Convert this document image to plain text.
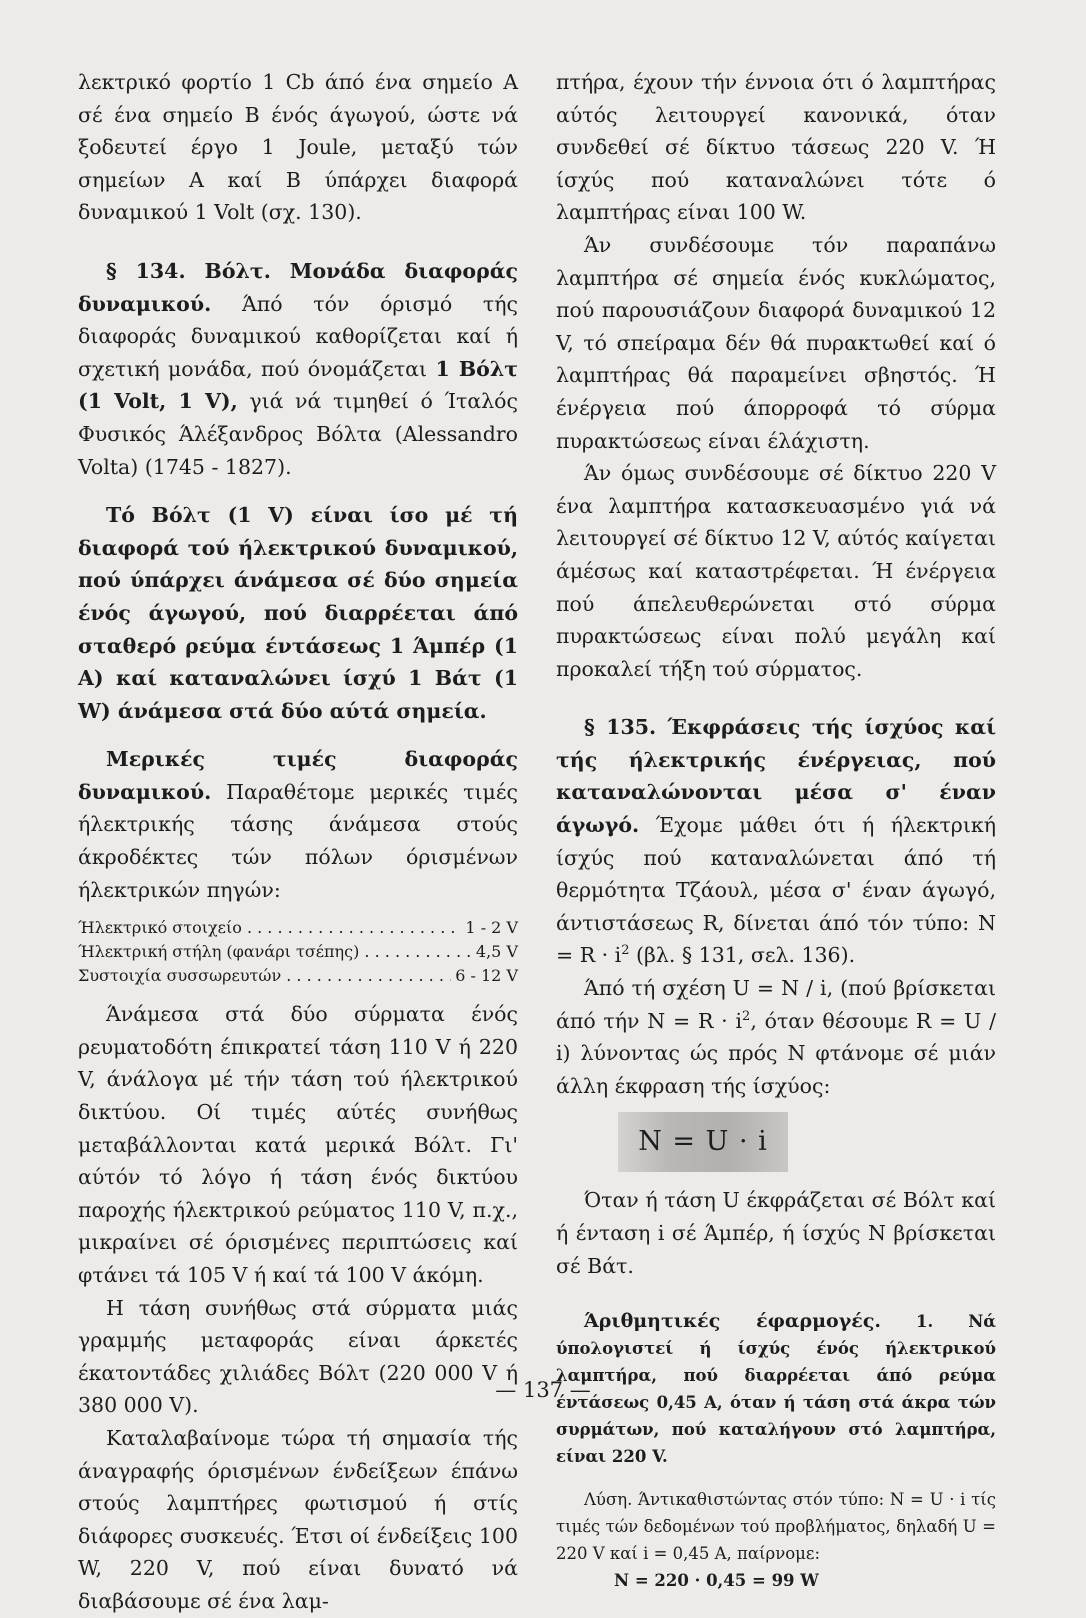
λεκτρικό φορτίο 1 Cb άπό ένα σημείο Α σέ ένα σημείο Β ένός άγωγού, ώστε νά ξοδευτεί έργο 1 Joule, μεταξύ τών σημείων Α καί Β ύπάρχει διαφορά δυναμικού 1 Volt (σχ. 130).

§ 134. Βόλτ. Μονάδα διαφοράς δυναμικού. Άπό τόν όρισμό τής διαφοράς δυναμικού καθορίζεται καί ή σχετική μονάδα, πού όνομάζεται 1 Βόλτ (1 Volt, 1 V), γιά νά τιμηθεί ό Ίταλός Φυσικός Άλέξανδρος Βόλτα (Alessandro Volta) (1745 - 1827).

Τό Βόλτ (1 V) είναι ίσο μέ τή διαφορά τού ήλεκτρικού δυναμικού, πού ύπάρχει άνάμεσα σέ δύο σημεία ένός άγωγού, πού διαρρέεται άπό σταθερό ρεύμα έντάσεως 1 Άμπέρ (1 A) καί καταναλώνει ίσχύ 1 Βάτ (1 W) άνάμεσα στά δύο αύτά σημεία.

Μερικές τιμές διαφοράς δυναμικού. Παραθέτομε μερικές τιμές ήλεκτρικής τάσης άνάμεσα στούς άκροδέκτες τών πόλων όρισμένων ήλεκτρικών πηγών:

Ήλεκτρικό στοιχείο . . .	1 - 2 V
Ήλεκτρική στήλη (φανάρι τσέπης) . . .	4,5 V
Συστοιχία συσσωρευτών . . .	6 - 12 V

Άνάμεσα στά δύο σύρματα ένός ρευματοδότη έπικρατεί τάση 110 V ή 220 V, άνάλογα μέ τήν τάση τού ήλεκτρικού δικτύου. Οί τιμές αύτές συνήθως μεταβάλλονται κατά μερικά Βόλτ. Γι' αύτόν τό λόγο ή τάση ένός δικτύου παροχής ήλεκτρικού ρεύματος 110 V, π.χ., μικραίνει σέ όρισμένες περιπτώσεις καί φτάνει τά 105 V ή καί τά 100 V άκόμη.

Η τάση συνήθως στά σύρματα μιάς γραμμής μεταφοράς είναι άρκετές έκατοντάδες χιλιάδες Βόλτ (220 000 V ή 380 000 V).

Καταλαβαίνομε τώρα τή σημασία τής άναγραφής όρισμένων ένδείξεων έπάνω στούς λαμπτήρες φωτισμού ή στίς διάφορες συσκευές. Έτσι οί ένδείξεις 100 W, 220 V, πού είναι δυνατό νά διαβάσουμε σέ ένα λαμ-

πτήρα, έχουν τήν έννοια ότι ό λαμπτήρας αύτός λειτουργεί κανονικά, όταν συνδεθεί σέ δίκτυο τάσεως 220 V. Ή ίσχύς πού καταναλώνει τότε ό λαμπτήρας είναι 100 W.

Άν συνδέσουμε τόν παραπάνω λαμπτήρα σέ σημεία ένός κυκλώματος, πού παρουσιάζουν διαφορά δυναμικού 12 V, τό σπείραμα δέν θά πυρακτωθεί καί ό λαμπτήρας θά παραμείνει σβηστός. Ή ένέργεια πού άπορροφά τό σύρμα πυρακτώσεως είναι έλάχιστη.

Άν όμως συνδέσουμε σέ δίκτυο 220 V ένα λαμπτήρα κατασκευασμένο γιά νά λειτουργεί σέ δίκτυο 12 V, αύτός καίγεται άμέσως καί καταστρέφεται. Ή ένέργεια πού άπελευθερώνεται στό σύρμα πυρακτώσεως είναι πολύ μεγάλη καί προκαλεί τήξη τού σύρματος.

§ 135. Έκφράσεις τής ίσχύος καί τής ήλεκτρικής ένέργειας, πού καταναλώνονται μέσα σ' έναν άγωγό. Έχομε μάθει ότι ή ήλεκτρική ίσχύς πού καταναλώνεται άπό τή θερμότητα Τζάουλ, μέσα σ' έναν άγωγό, άντιστάσεως R, δίνεται άπό τόν τύπο: $N = R \cdot i^2$ (βλ. § 131, σελ. 136).

Άπό τή σχέση U = N / i, (πού βρίσκεται άπό τήν $N = R \cdot i^2$, όταν θέσουμε R = U / i) λύνοντας ώς πρός N φτάνομε σέ μιάν άλλη έκφραση τής ίσχύος:

N = U · i

Όταν ή τάση U έκφράζεται σέ Βόλτ καί ή ένταση i σέ Άμπέρ, ή ίσχύς N βρίσκεται σέ Βάτ.

Άριθμητικές έφαρμογές. 1. Νά ύπολογιστεί ή ίσχύς ένός ήλεκτρικού λαμπτήρα, πού διαρρέεται άπό ρεύμα έντάσεως 0,45 A, όταν ή τάση στά άκρα τών συρμάτων, πού καταλήγουν στό λαμπτήρα, είναι 220 V.

Λύση. Άντικαθιστώντας στόν τύπο: N = U · i τίς τιμές τών δεδομένων τού προβλήματος, δηλαδή U = 220 V καί i = 0,45 A, παίρνομε:

N = 220 · 0,45 = 99 W

— 137 —
